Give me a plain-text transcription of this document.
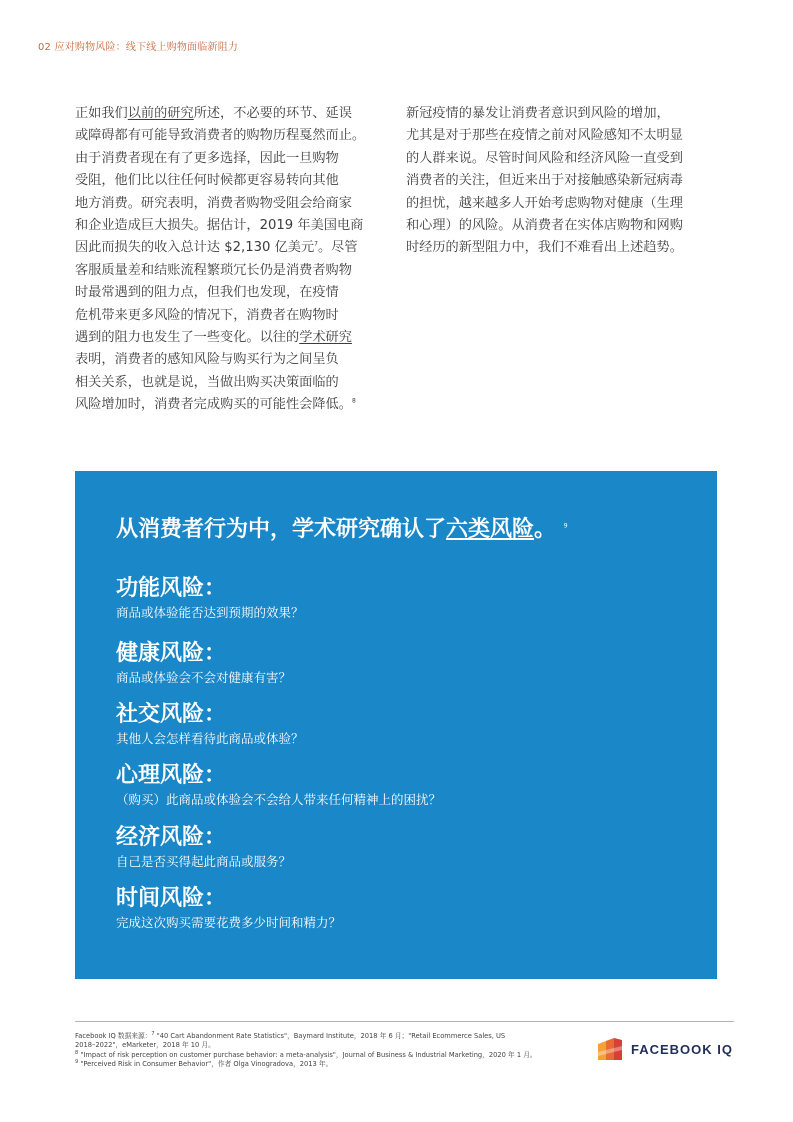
02 应对购物风险：线下线上购物面临新阻力

正如我们以前的研究所述，不必要的环节、延误

或障碍都有可能导致消费者的购物历程戛然而止。

由于消费者现在有了更多选择，因此一旦购物

受阻，他们比以往任何时候都更容易转向其他

地方消费。研究表明，消费者购物受阻会给商家

和企业造成巨大损失。据估计，2019 年美国电商

因此而损失的收入总计达 $2,130 亿美元$^7$。尽管

客服质量差和结账流程繁琐冗长仍是消费者购物

时最常遇到的阻力点，但我们也发现，在疫情

危机带来更多风险的情况下，消费者在购物时

遇到的阻力也发生了一些变化。以往的学术研究

表明，消费者的感知风险与购买行为之间呈负

相关关系，也就是说，当做出购买决策面临的

风险增加时，消费者完成购买的可能性会降低。$^8$

新冠疫情的暴发让消费者意识到风险的增加，

尤其是对于那些在疫情之前对风险感知不太明显

的人群来说。尽管时间风险和经济风险一直受到

消费者的关注，但近来出于对接触感染新冠病毒

的担忧，越来越多人开始考虑购物对健康（生理

和心理）的风险。从消费者在实体店购物和网购

时经历的新型阻力中，我们不难看出上述趋势。

从消费者行为中，学术研究确认了六类风险。 $^9$
功能风险：
商品或体验能否达到预期的效果？
健康风险：
商品或体验会不会对健康有害？
社交风险：
其他人会怎样看待此商品或体验？
心理风险：
（购买）此商品或体验会不会给人带来任何精神上的困扰？
经济风险：
自己是否买得起此商品或服务？
时间风险：
完成这次购买需要花费多少时间和精力？
Facebook IQ 数据来源：$^7$ "40 Cart Abandonment Rate Statistics"，Baymard Institute，2018 年 6 月；"Retail Ecommerce Sales, US
2018–2022"，eMarketer，2018 年 10 月。
$^8$ "Impact of risk perception on customer purchase behavior: a meta-analysis"，Journal of Business & Industrial Marketing，2020 年 1 月。
$^9$ "Perceived Risk in Consumer Behavior"，作者 Olga Vinogradova，2013 年。
FACEBOOK IQ
